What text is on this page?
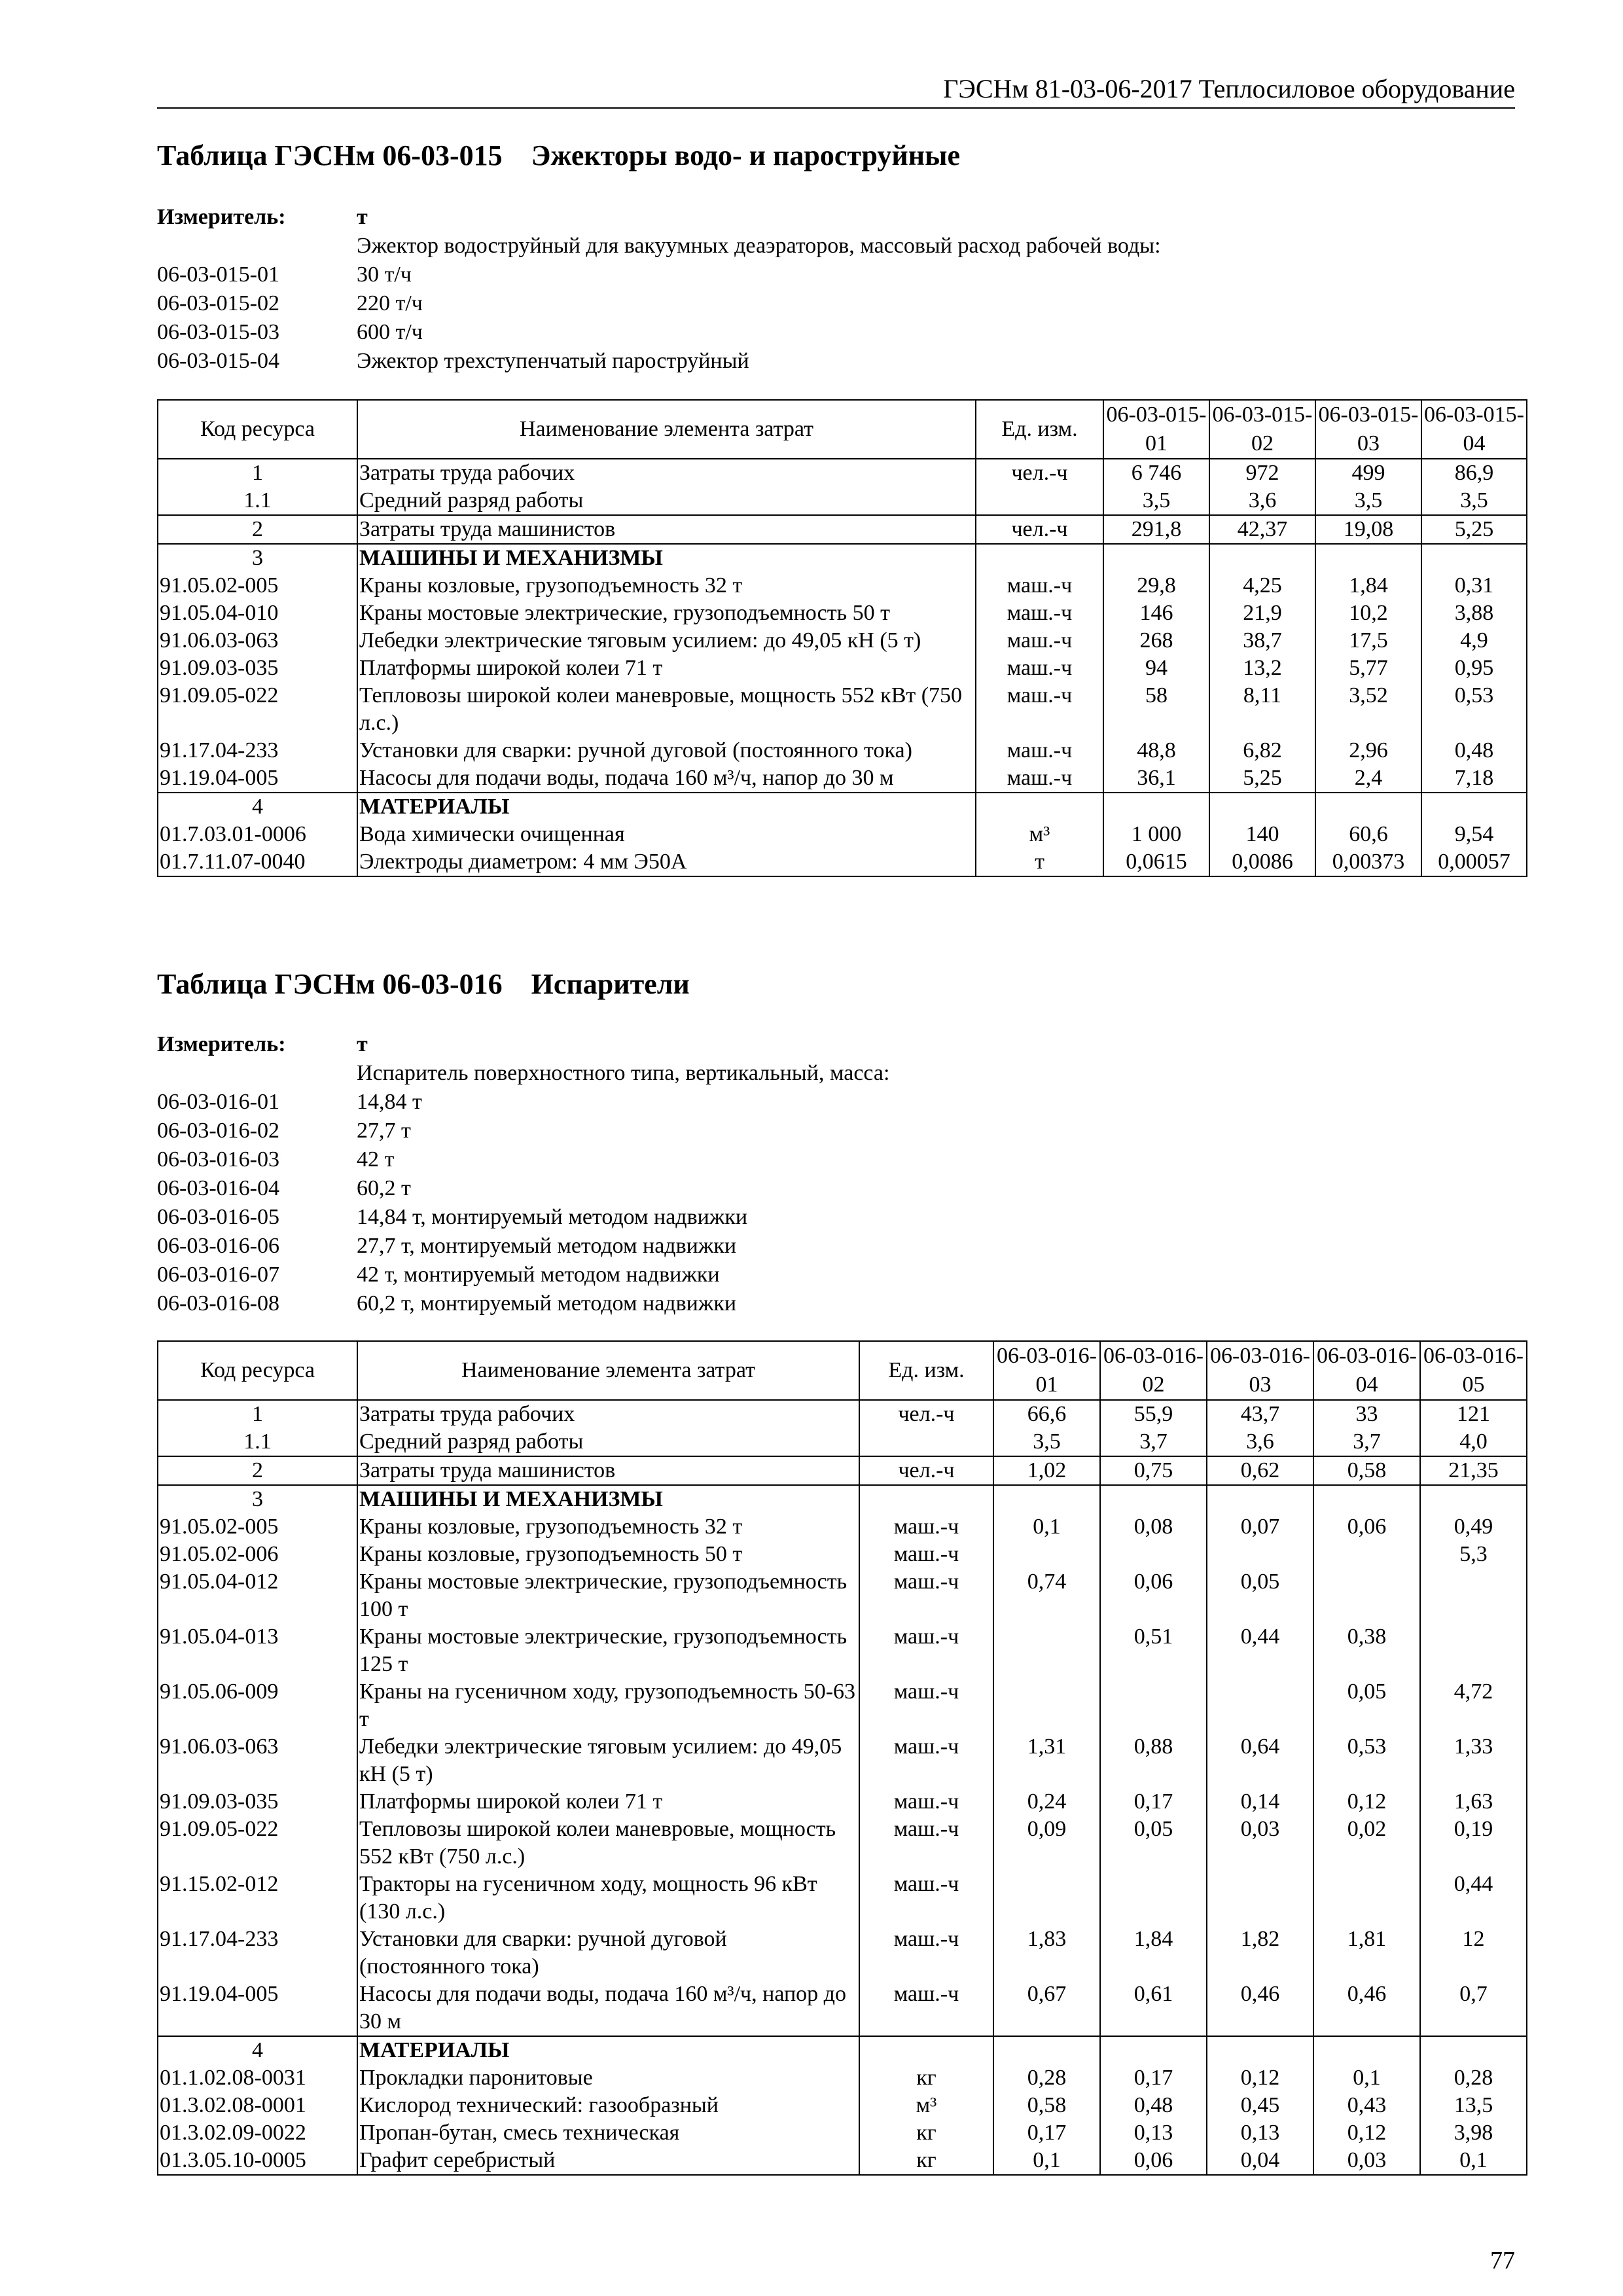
ГЭСНм 81-03-06-2017 Теплосиловое оборудование
Таблица ГЭСНм 06-03-015    Эжекторы водо- и пароструйные
Измеритель:	т
Эжектор водоструйный для вакуумных деаэраторов, массовый расход рабочей воды:
06-03-015-01	30 т/ч
06-03-015-02	220 т/ч
06-03-015-03	600 т/ч
06-03-015-04	Эжектор трехступенчатый пароструйный
Код ресурса	Наименование элемента затрат	Ед. изм.	06-03-015-01	06-03-015-02	06-03-015-03	06-03-015-04
1	Затраты труда рабочих	чел.-ч	6 746	972	499	86,9
1.1	Средний разряд работы		3,5	3,6	3,5	3,5
2	Затраты труда машинистов	чел.-ч	291,8	42,37	19,08	5,25
3	МАШИНЫ И МЕХАНИЗМЫ					
91.05.02-005	Краны козловые, грузоподъемность 32 т	маш.-ч	29,8	4,25	1,84	0,31
91.05.04-010	Краны мостовые электрические, грузоподъемность 50 т	маш.-ч	146	21,9	10,2	3,88
91.06.03-063	Лебедки электрические тяговым усилием: до 49,05 кН (5 т)	маш.-ч	268	38,7	17,5	4,9
91.09.03-035	Платформы широкой колеи 71 т	маш.-ч	94	13,2	5,77	0,95
91.09.05-022	Тепловозы широкой колеи маневровые, мощность 552 кВт (750 л.с.)	маш.-ч	58	8,11	3,52	0,53
91.17.04-233	Установки для сварки: ручной дуговой (постоянного тока)	маш.-ч	48,8	6,82	2,96	0,48
91.19.04-005	Насосы для подачи воды, подача 160 м³/ч, напор до 30 м	маш.-ч	36,1	5,25	2,4	7,18
4	МАТЕРИАЛЫ					
01.7.03.01-0006	Вода химически очищенная	м³	1 000	140	60,6	9,54
01.7.11.07-0040	Электроды диаметром: 4 мм Э50А	т	0,0615	0,0086	0,00373	0,00057
Таблица ГЭСНм 06-03-016    Испарители
Измеритель:	т
Испаритель поверхностного типа, вертикальный, масса:
06-03-016-01	14,84 т
06-03-016-02	27,7 т
06-03-016-03	42 т
06-03-016-04	60,2 т
06-03-016-05	14,84 т, монтируемый методом надвижки
06-03-016-06	27,7 т, монтируемый методом надвижки
06-03-016-07	42 т, монтируемый методом надвижки
06-03-016-08	60,2 т, монтируемый методом надвижки
Код ресурса	Наименование элемента затрат	Ед. изм.	06-03-016-01	06-03-016-02	06-03-016-03	06-03-016-04	06-03-016-05
1	Затраты труда рабочих	чел.-ч	66,6	55,9	43,7	33	121
1.1	Средний разряд работы		3,5	3,7	3,6	3,7	4,0
2	Затраты труда машинистов	чел.-ч	1,02	0,75	0,62	0,58	21,35
3	МАШИНЫ И МЕХАНИЗМЫ						
91.05.02-005	Краны козловые, грузоподъемность 32 т	маш.-ч	0,1	0,08	0,07	0,06	0,49
91.05.02-006	Краны козловые, грузоподъемность 50 т	маш.-ч					5,3
91.05.04-012	Краны мостовые электрические, грузоподъемность 100 т	маш.-ч	0,74	0,06	0,05		
91.05.04-013	Краны мостовые электрические, грузоподъемность 125 т	маш.-ч		0,51	0,44	0,38	
91.05.06-009	Краны на гусеничном ходу, грузоподъемность 50-63 т	маш.-ч				0,05	4,72
91.06.03-063	Лебедки электрические тяговым усилием: до 49,05 кН (5 т)	маш.-ч	1,31	0,88	0,64	0,53	1,33
91.09.03-035	Платформы широкой колеи 71 т	маш.-ч	0,24	0,17	0,14	0,12	1,63
91.09.05-022	Тепловозы широкой колеи маневровые, мощность 552 кВт (750 л.с.)	маш.-ч	0,09	0,05	0,03	0,02	0,19
91.15.02-012	Тракторы на гусеничном ходу, мощность 96 кВт (130 л.с.)	маш.-ч					0,44
91.17.04-233	Установки для сварки: ручной дуговой (постоянного тока)	маш.-ч	1,83	1,84	1,82	1,81	12
91.19.04-005	Насосы для подачи воды, подача 160 м³/ч, напор до 30 м	маш.-ч	0,67	0,61	0,46	0,46	0,7
4	МАТЕРИАЛЫ						
01.1.02.08-0031	Прокладки паронитовые	кг	0,28	0,17	0,12	0,1	0,28
01.3.02.08-0001	Кислород технический: газообразный	м³	0,58	0,48	0,45	0,43	13,5
01.3.02.09-0022	Пропан-бутан, смесь техническая	кг	0,17	0,13	0,13	0,12	3,98
01.3.05.10-0005	Графит серебристый	кг	0,1	0,06	0,04	0,03	0,1
77
